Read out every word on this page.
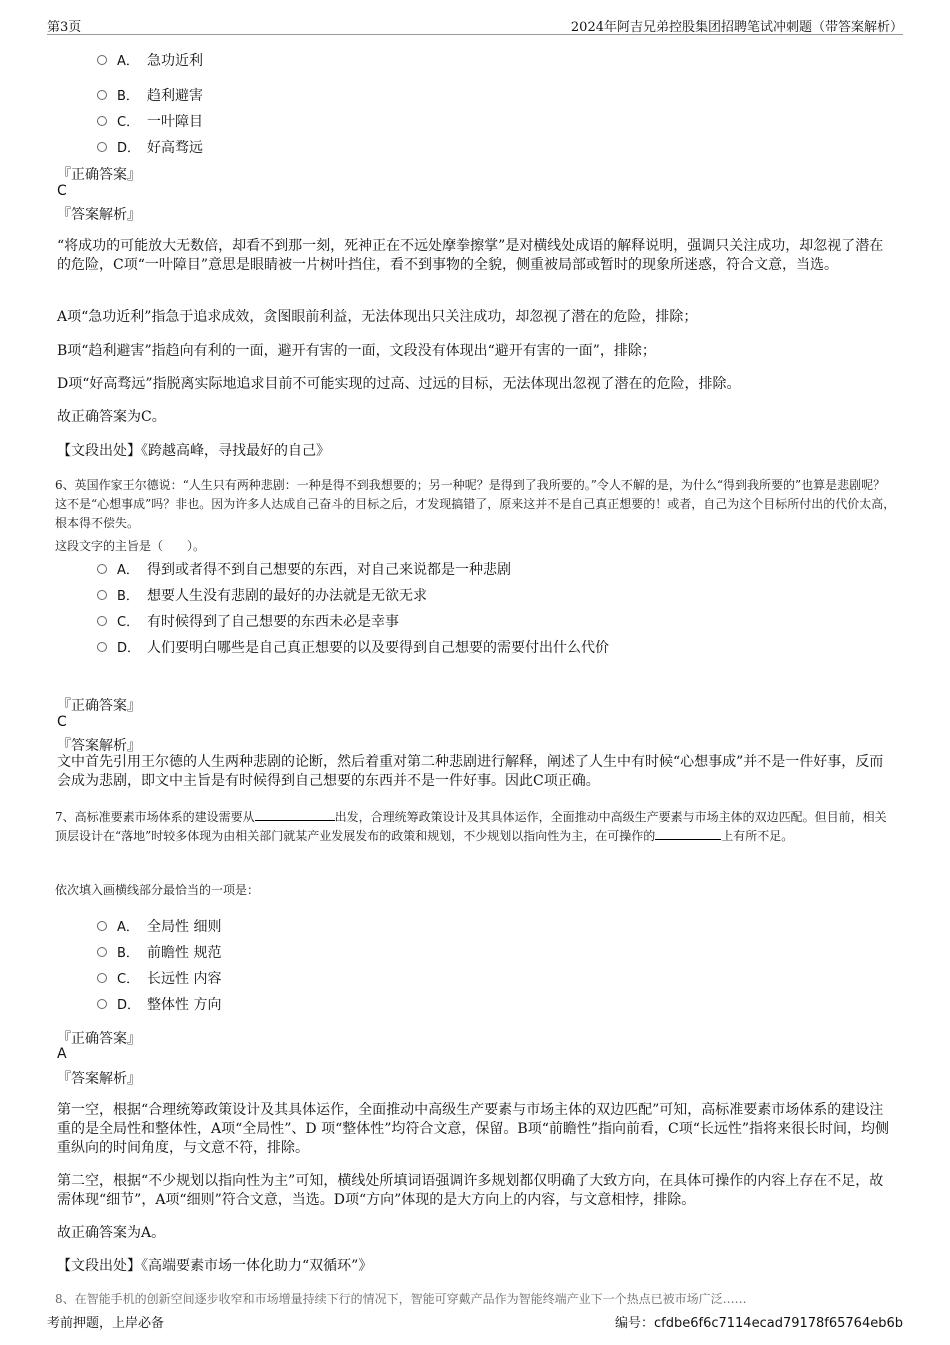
第3页	2024年阿吉兄弟控股集团招聘笔试冲刺题（带答案解析）
A． 急功近利
B． 趋利避害
C． 一叶障目
D． 好高骛远
『正确答案』
C
『答案解析』
“将成功的可能放大无数倍，却看不到那一刻，死神正在不远处摩拳擦掌”是对横线处成语的解释说明，强调只关注成功，却忽视了潜在的危险，C项“一叶障目”意思是眼睛被一片树叶挡住，看不到事物的全貌，侧重被局部或暂时的现象所迷惑，符合文意，当选。
A项“急功近利”指急于追求成效，贪图眼前利益，无法体现出只关注成功，却忽视了潜在的危险，排除；
B项“趋利避害”指趋向有利的一面，避开有害的一面，文段没有体现出“避开有害的一面”，排除；
D项“好高骛远”指脱离实际地追求目前不可能实现的过高、过远的目标，无法体现出忽视了潜在的危险，排除。
故正确答案为C。
【文段出处】《跨越高峰，寻找最好的自己》
6、英国作家王尔德说：“人生只有两种悲剧：一种是得不到我想要的；另一种呢？是得到了我所要的。”令人不解的是，为什么“得到我所要的”也算是悲剧呢？这不是“心想事成”吗？非也。因为许多人达成自己奋斗的目标之后，才发现搞错了，原来这并不是自己真正想要的！或者，自己为这个目标所付出的代价太高，根本得不偿失。
这段文字的主旨是（　　）。
A． 得到或者得不到自己想要的东西，对自己来说都是一种悲剧
B． 想要人生没有悲剧的最好的办法就是无欲无求
C． 有时候得到了自己想要的东西未必是幸事
D． 人们要明白哪些是自己真正想要的以及要得到自己想要的需要付出什么代价
『正确答案』
C
『答案解析』
文中首先引用王尔德的人生两种悲剧的论断，然后着重对第二种悲剧进行解释，阐述了人生中有时候“心想事成”并不是一件好事，反而会成为悲剧，即文中主旨是有时候得到自己想要的东西并不是一件好事。因此C项正确。
7、高标准要素市场体系的建设需要从	出发，合理统筹政策设计及其具体运作，全面推动中高级生产要素与市场主体的双边匹配。但目前，相关顶层设计在“落地”时较多体现为由相关部门就某产业发展发布的政策和规划，不少规划以指向性为主，在可操作的	上有所不足。
依次填入画横线部分最恰当的一项是：
A． 全局性 细则
B． 前瞻性 规范
C． 长远性 内容
D． 整体性 方向
『正确答案』
A
『答案解析』
第一空，根据“合理统筹政策设计及其具体运作，全面推动中高级生产要素与市场主体的双边匹配”可知，高标准要素市场体系的建设注重的是全局性和整体性，A项“全局性”、D 项“整体性”均符合文意，保留。B项“前瞻性”指向前看，C项“长远性”指将来很长时间，均侧重纵向的时间角度，与文意不符，排除。
第二空，根据“不少规划以指向性为主”可知，横线处所填词语强调许多规划都仅明确了大致方向，在具体可操作的内容上存在不足，故需体现“细节”，A项“细则”符合文意，当选。D项“方向”体现的是大方向上的内容，与文意相悖，排除。
故正确答案为A。
【文段出处】《高端要素市场一体化助力“双循环”》
8、在智能手机的创新空间逐步收窄和市场增量持续下行的情况下，智能可穿戴产品作为智能终端产业下一个热点已被市场广泛……
考前押题，上岸必备	编号：cfdbe6f6c7114ecad79178f65764eb6b
